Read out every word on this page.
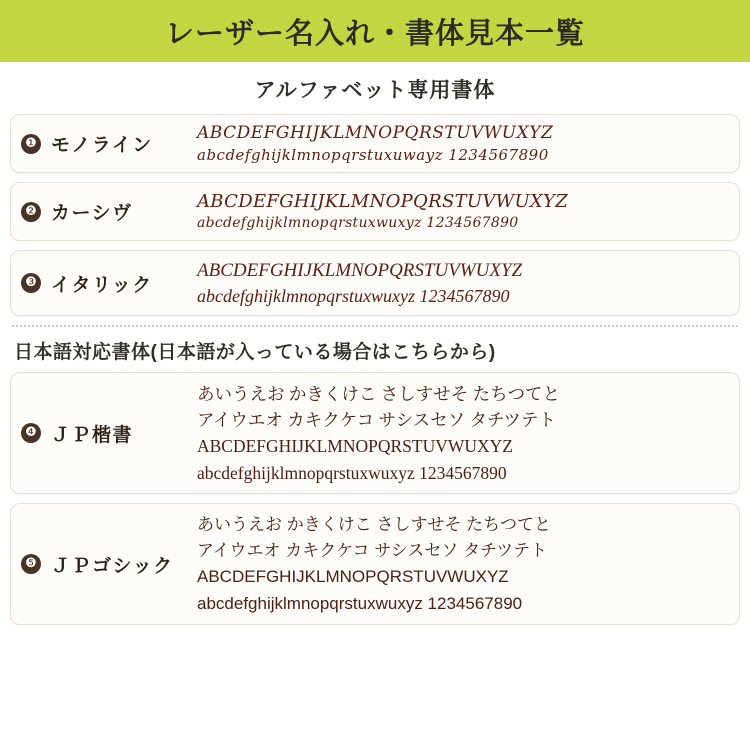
レーザー名入れ・書体見本一覧
アルファベット専用書体
❶ モノライン
ABCDEFGHIJKLMNOPQRSTUVWUXYZ
abcdefghijklmnopqrstuxuwayz 1234567890
❷ カーシヴ
ABCDEFGHIJKLMNOPQRSTUVWUXYZ
abcdefghijklmnopqrstuxwuxyz 1234567890
❸ イタリック
ABCDEFGHIJKLMNOPQRSTUVWUXYZ
abcdefghijklmnopqrstuxwuxyz 1234567890
日本語対応書体(日本語が入っている場合はこちらから)
❹ ＪＰ楷書
あいうえお かきくけこ さしすせそ たちつてと
アイウエオ カキクケコ サシスセソ タチツテト
ABCDEFGHIJKLMNOPQRSTUVWUXYZ
abcdefghijklmnopqrstuxwuxyz 1234567890
❺ ＪＰゴシック
あいうえお かきくけこ さしすせそ たちつてと
アイウエオ カキクケコ サシスセソ タチツテト
ABCDEFGHIJKLMNOPQRSTUVWUXYZ
abcdefghijklmnopqrstuxwuxyz 1234567890
